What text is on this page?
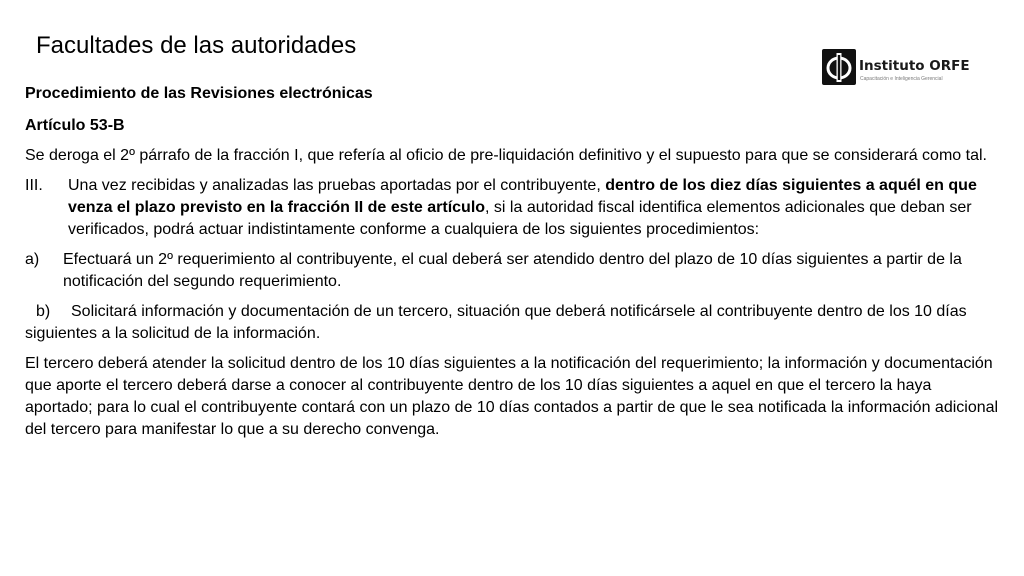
Facultades de las autoridades
Instituto ORFE
Capacitación e Inteligencia Gerencial

Procedimiento de las Revisiones electrónicas

Artículo 53-B

Se deroga el 2º párrafo de la fracción I, que refería al oficio de pre-liquidación definitivo y el supuesto para que se considerará como tal.

III. Una vez recibidas y analizadas las pruebas aportadas por el contribuyente, dentro de los diez días siguientes a aquél en que venza el plazo previsto en la fracción II de este artículo, si la autoridad fiscal identifica elementos adicionales que deban ser verificados, podrá actuar indistintamente conforme a cualquiera de los siguientes procedimientos:

a) Efectuará un 2º requerimiento al contribuyente, el cual deberá ser atendido dentro del plazo de 10 días siguientes a partir de la notificación del segundo requerimiento.

b) Solicitará información y documentación de un tercero, situación que deberá notificársele al contribuyente dentro de los 10 días siguientes a la solicitud de la información.

El tercero deberá atender la solicitud dentro de los 10 días siguientes a la notificación del requerimiento; la información y documentación que aporte el tercero deberá darse a conocer al contribuyente dentro de los 10 días siguientes a aquel en que el tercero la haya aportado; para lo cual el contribuyente contará con un plazo de 10 días contados a partir de que le sea notificada la información adicional del tercero para manifestar lo que a su derecho convenga.
